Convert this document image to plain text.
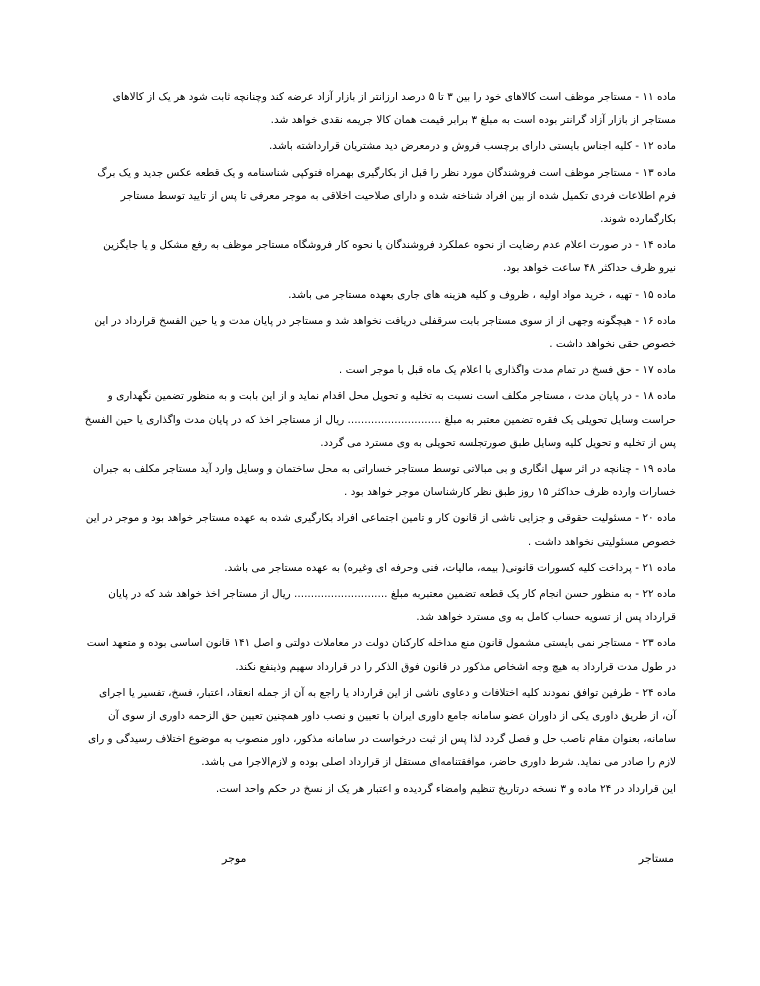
ماده ۱۱ - مستاجر موظف است کالاهای خود را بین ۳ تا ۵ درصد ارزانتر از بازار آزاد عرضه کند وچنانچه ثابت شود هر یک از کالاهای مستاجر از بازار آزاد گرانتر بوده است به مبلغ ۳ برابر قیمت همان کالا جریمه نقدی خواهد شد.

ماده ۱۲ - کلیه اجناس بایستی دارای برچسب فروش و درمعرض دید مشتریان قرارداشته باشد.

ماده ۱۳ - مستاجر موظف است فروشندگان مورد نظر را قبل از بکارگیری بهمراه فتوکپی شناسنامه و یک قطعه عکس جدید و یک برگ فرم اطلاعات فردی تکمیل شده از بین افراد شناخته شده و دارای صلاحیت اخلاقی به موجر معرفی تا پس از تایید توسط مستاجر بکارگمارده شوند.

ماده ۱۴ - در صورت اعلام عدم رضایت از نحوه عملکرد فروشندگان یا نحوه کار فروشگاه مستاجر موظف به رفع مشکل و یا جایگزین نیرو ظرف حداکثر ۴۸ ساعت خواهد بود.

ماده ۱۵ - تهیه ، خرید مواد اولیه ، ظروف و کلیه هزینه های جاری بعهده مستاجر می باشد.

ماده ۱۶ - هیچگونه وجهی از از سوی مستاجر بابت سرقفلی دریافت نخواهد شد و مستاجر در پایان مدت و یا حین الفسخ قرارداد در این خصوص حقی نخواهد داشت .

ماده ۱۷ - حق فسخ در تمام مدت واگذاری با اعلام یک ماه قبل با موجر است .

ماده ۱۸ - در پایان مدت ، مستاجر مکلف است نسبت به تخلیه و تحویل محل اقدام نماید و از این بابت و به منظور تضمین نگهداری و حراست وسایل تحویلی یک فقره تضمین معتبر به مبلغ ............................ ریال از مستاجر اخذ که در پایان مدت واگذاری یا حین الفسخ پس از تخلیه و تحویل کلیه وسایل طبق صورتجلسه تحویلی به وی مسترد می گردد.

ماده ۱۹ - چنانچه در اثر سهل انگاری و بی مبالاتی توسط مستاجر خساراتی به محل ساختمان و وسایل وارد آید مستاجر مکلف به جبران خسارات وارده ظرف حداکثر ۱۵ روز طبق نظر کارشناسان موجر خواهد بود .

ماده ۲۰ - مسئولیت حقوقی و جزایی ناشی از قانون کار و تامین اجتماعی افراد بکارگیری شده به عهده مستاجر خواهد بود و موجر در این خصوص مسئولیتی نخواهد داشت .

ماده ۲۱ - پرداخت کلیه کسورات قانونی( بیمه، مالیات، فنی وحرفه ای وغیره) به عهده مستاجر می باشد.

ماده ۲۲ - به منظور حسن انجام کار یک قطعه تضمین معتبربه مبلغ ............................ ریال از مستاجر اخذ خواهد شد که در پایان قرارداد پس از تسویه حساب کامل به وی مسترد خواهد شد.

ماده ۲۳ - مستاجر نمی بایستی مشمول قانون منع مداخله کارکنان دولت در معاملات دولتی و اصل ۱۴۱ قانون اساسی بوده و متعهد است در طول مدت قرارداد به هیچ وجه اشخاص مذکور در قانون فوق الذکر را در قرارداد سهیم وذینفع نکند.

ماده ۲۴ - طرفین توافق نمودند کلیه اختلافات و دعاوی ناشی از این قرارداد یا راجع به آن از جمله انعقاد، اعتبار، فسخ، تفسیر یا اجرای آن، از طریق داوری یکی از داوران عضو سامانه جامع داوری ایران با تعیین و نصب داور همچنین تعیین حق الزحمه داوری از سوی آن سامانه، بعنوان مقام ناصب حل و فصل گردد لذا پس از ثبت درخواست در سامانه مذکور، داور منصوب به موضوع اختلاف رسیدگی و رای لازم را صادر می نماید. شرط داوری حاضر، موافقتنامه‌ای مستقل از قرارداد اصلی بوده و لازم‌الاجرا می باشد.

این قرارداد در ۲۴ ماده و ۳ نسخه درتاریخ تنظیم وامضاء گردیده و اعتبار هر یک از نسخ در حکم واحد است.

مستاجر
موجر
